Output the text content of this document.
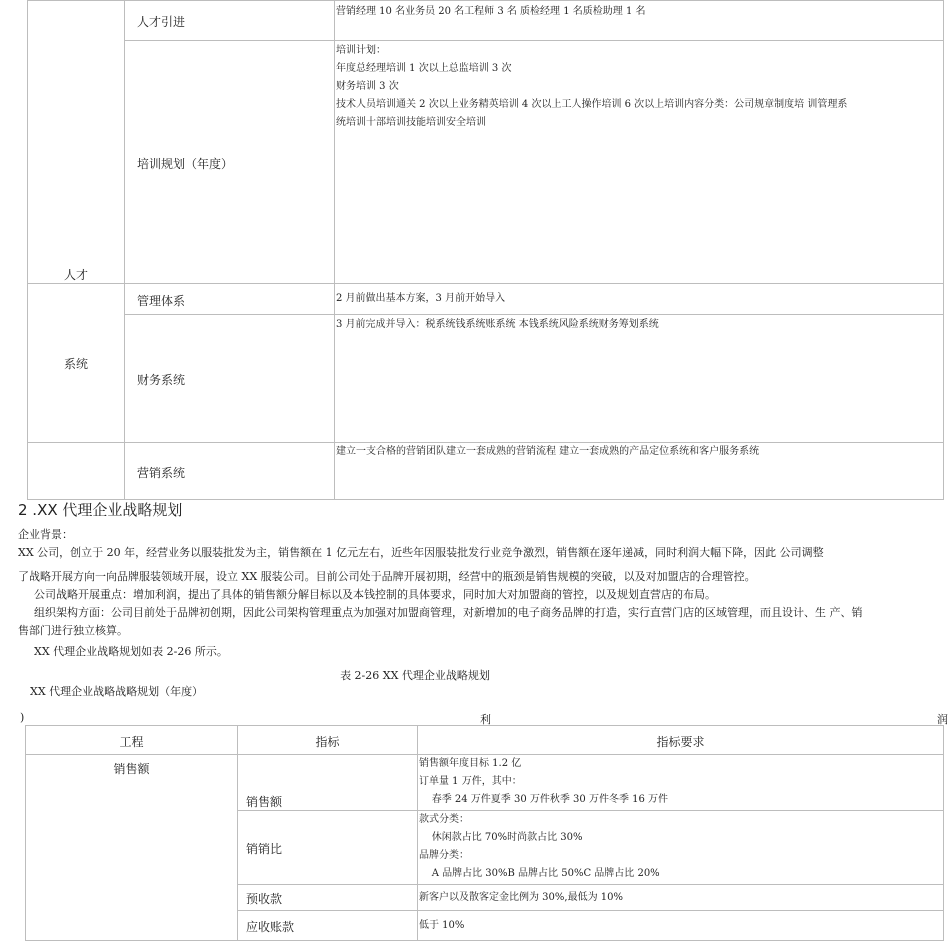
人才	人才引进	营销经理 10 名业务员 20 名工程师 3 名 质检经理 1 名质检助理 1 名

	培训规划（年度）	培训计划：
年度总经理培训 1 次以上总监培训 3 次
财务培训 3 次
技术人员培训通关 2 次以上业务精英培训 4 次以上工人操作培训 6 次以上培训内容分类：公司规章制度培 训管理系
统培训十部培训技能培训安全培训

系统	管理体系	2 月前做出基本方案，3 月前开始导入

	财务系统	3 月前完成并导入：税系统钱系统账系统 本钱系统风险系统财务筹划系统

	营销系统	建立一支合格的营销团队建立一套成熟的营销流程 建立一套成熟的产品定位系统和客户服务系统
2 .XX 代理企业战略规划
企业背景：
XX 公司，创立于 20 年，经营业务以服装批发为主，销售额在 1 亿元左右，近些年因服装批发行业竞争激烈，销售额在逐年递减，同时利润大幅下降，因此 公司调整
了战略开展方向一向品牌服装领域开展，设立 XX 服装公司。目前公司处于品牌开展初期，经营中的瓶颈是销售规模的突破，以及对加盟店的合理管控。
公司战略开展重点：增加利润，提出了具体的销售额分解目标以及本钱控制的具体要求，同时加大对加盟商的管控，以及规划直营店的布局。
组织架构方面：公司目前处于品牌初创期，因此公司架构管理重点为加强对加盟商管理，对新增加的电子商务品牌的打造，实行直营门店的区域管理，而且设计、生 产、销
售部门进行独立核算。
XX 代理企业战略规划如表 2-26 所示。
表 2-26 XX 代理企业战略规划
XX 代理企业战略战略规划（年度）
)	利	润
工程	指标	指标要求
销售额	销售额	销售额年度目标 1.2 亿
订单量 1 万件，其中：
春季 24 万件夏季 30 万件秋季 30 万件冬季 16 万件

	销销比	款式分类：
休闲款占比 70%时尚款占比 30%
品牌分类：
A 品牌占比 30%B 品牌占比 50%C 品牌占比 20%

	预收款	新客户以及散客定金比例为 30%,最低为 10%

	应收账款	低于 10%
